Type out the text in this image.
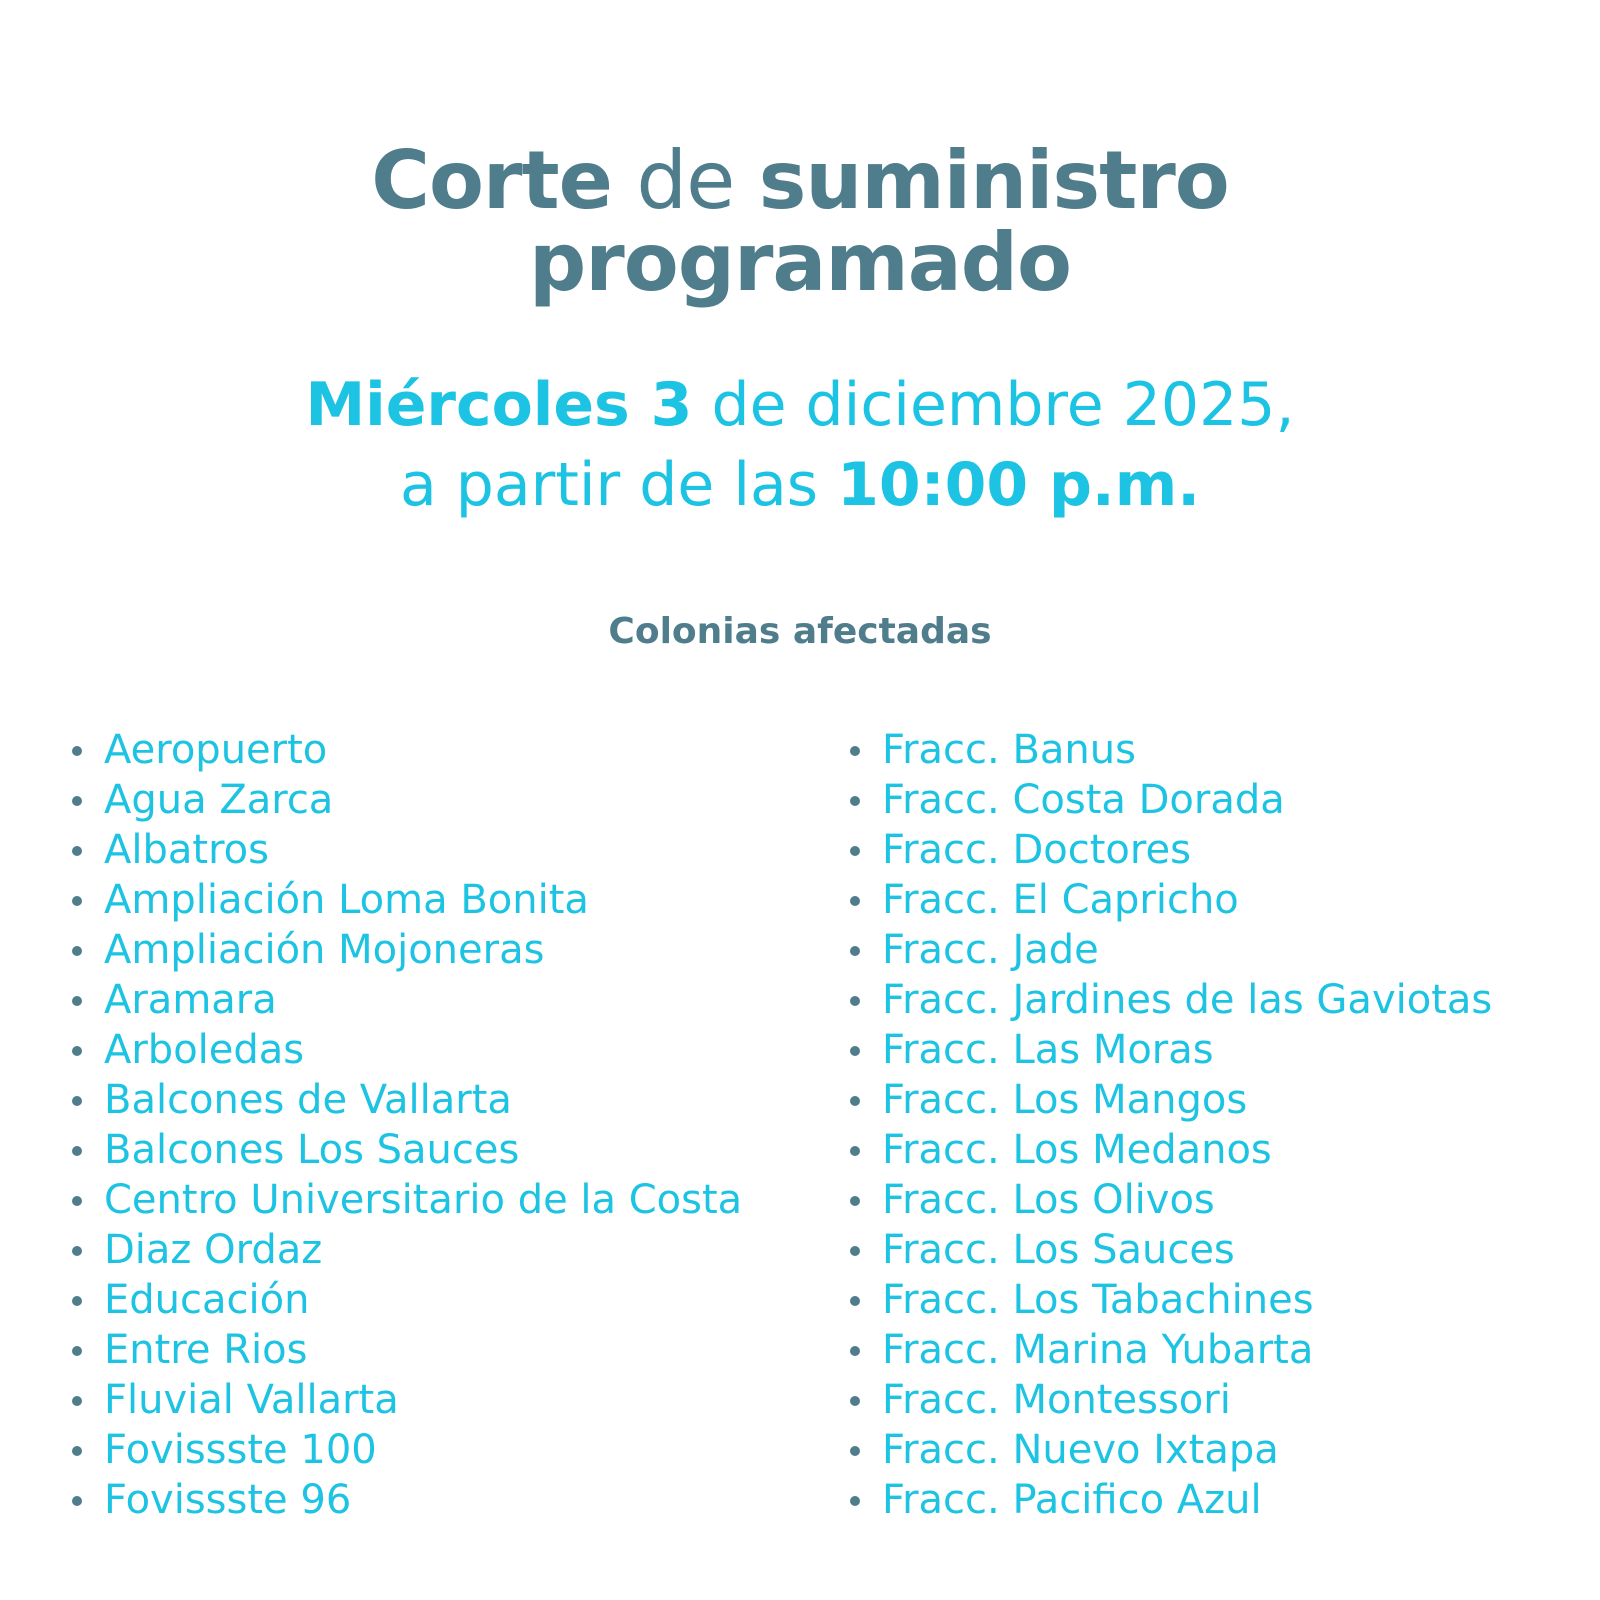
Corte de suministro
programado
Miércoles 3 de diciembre 2025,
a partir de las 10:00 p.m.
Colonias afectadas
Aeropuerto
Agua Zarca
Albatros
Ampliación Loma Bonita
Ampliación Mojoneras
Aramara
Arboledas
Balcones de Vallarta
Balcones Los Sauces
Centro Universitario de la Costa
Diaz Ordaz
Educación
Entre Rios
Fluvial Vallarta
Fovissste 100
Fovissste 96
Fracc. Banus
Fracc. Costa Dorada
Fracc. Doctores
Fracc. El Capricho
Fracc. Jade
Fracc. Jardines de las Gaviotas
Fracc. Las Moras
Fracc. Los Mangos
Fracc. Los Medanos
Fracc. Los Olivos
Fracc. Los Sauces
Fracc. Los Tabachines
Fracc. Marina Yubarta
Fracc. Montessori
Fracc. Nuevo Ixtapa
Fracc. Pacifico Azul
